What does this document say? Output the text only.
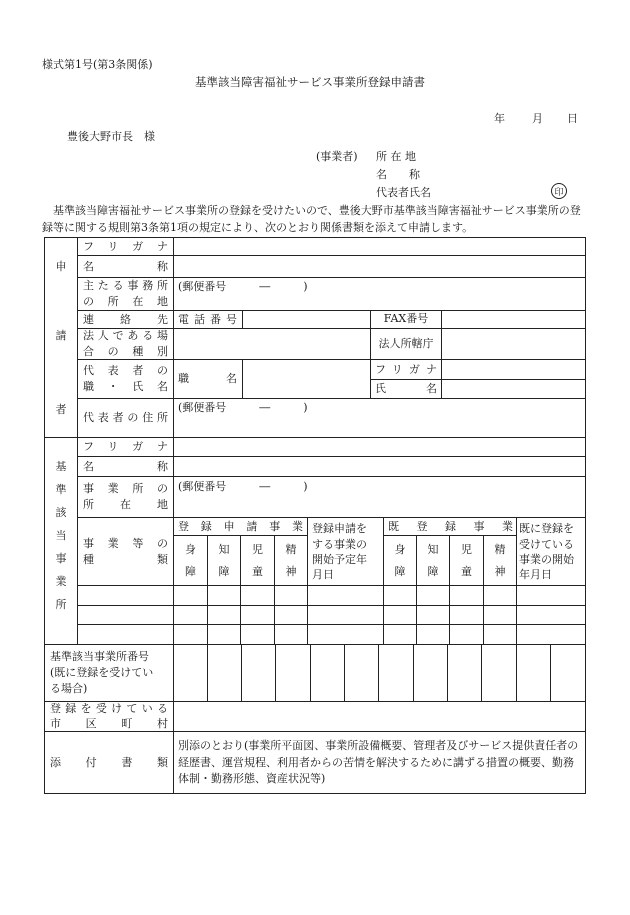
様式第1号(第3条関係)
基準該当障害福祉サービス事業所登録申請書
年 月 日
豊後大野市長　様
(事業者) 所 在 地
名　　称
代表者氏名	印
基準該当障害福祉サービス事業所の登録を受けたいので、豊後大野市基準該当障害福祉サービス事業所の登録等に関する規則第3条第1項の規定により、次のとおり関係書類を添えて申請します。
申
請
者
フリガナ
名称
主たる事務所
の所在地
(郵便番号　　　―　　　)
連絡先 電話番号	FAX番号
法人である場
合の種別
法人所轄庁
代表者の
職・氏名
職名
フリガナ
氏名
代表者の住所
(郵便番号　　　―　　　)
基
準
該
当
事
業
所
フリガナ
名称
事業所の
所在地
(郵便番号　　　―　　　)
事業等の
種類
登録申請事業 登録申請を
する事業の
開始予定年
月日
既登録事業 既に登録を
受けている
事業の開始
年月日
身
障
知
障
児
童
精
神
身
障
知
障
児
童
精
神
基準該当事業所番号
(既に登録を受けてい
る場合)
登録を受けている
市区町村
添付書類
別添のとおり(事業所平面図、事業所設備概要、管理者及びサービス提供責任者の経歴書、運営規程、利用者からの苦情を解決するために講ずる措置の概要、勤務体制・勤務形態、資産状況等)
